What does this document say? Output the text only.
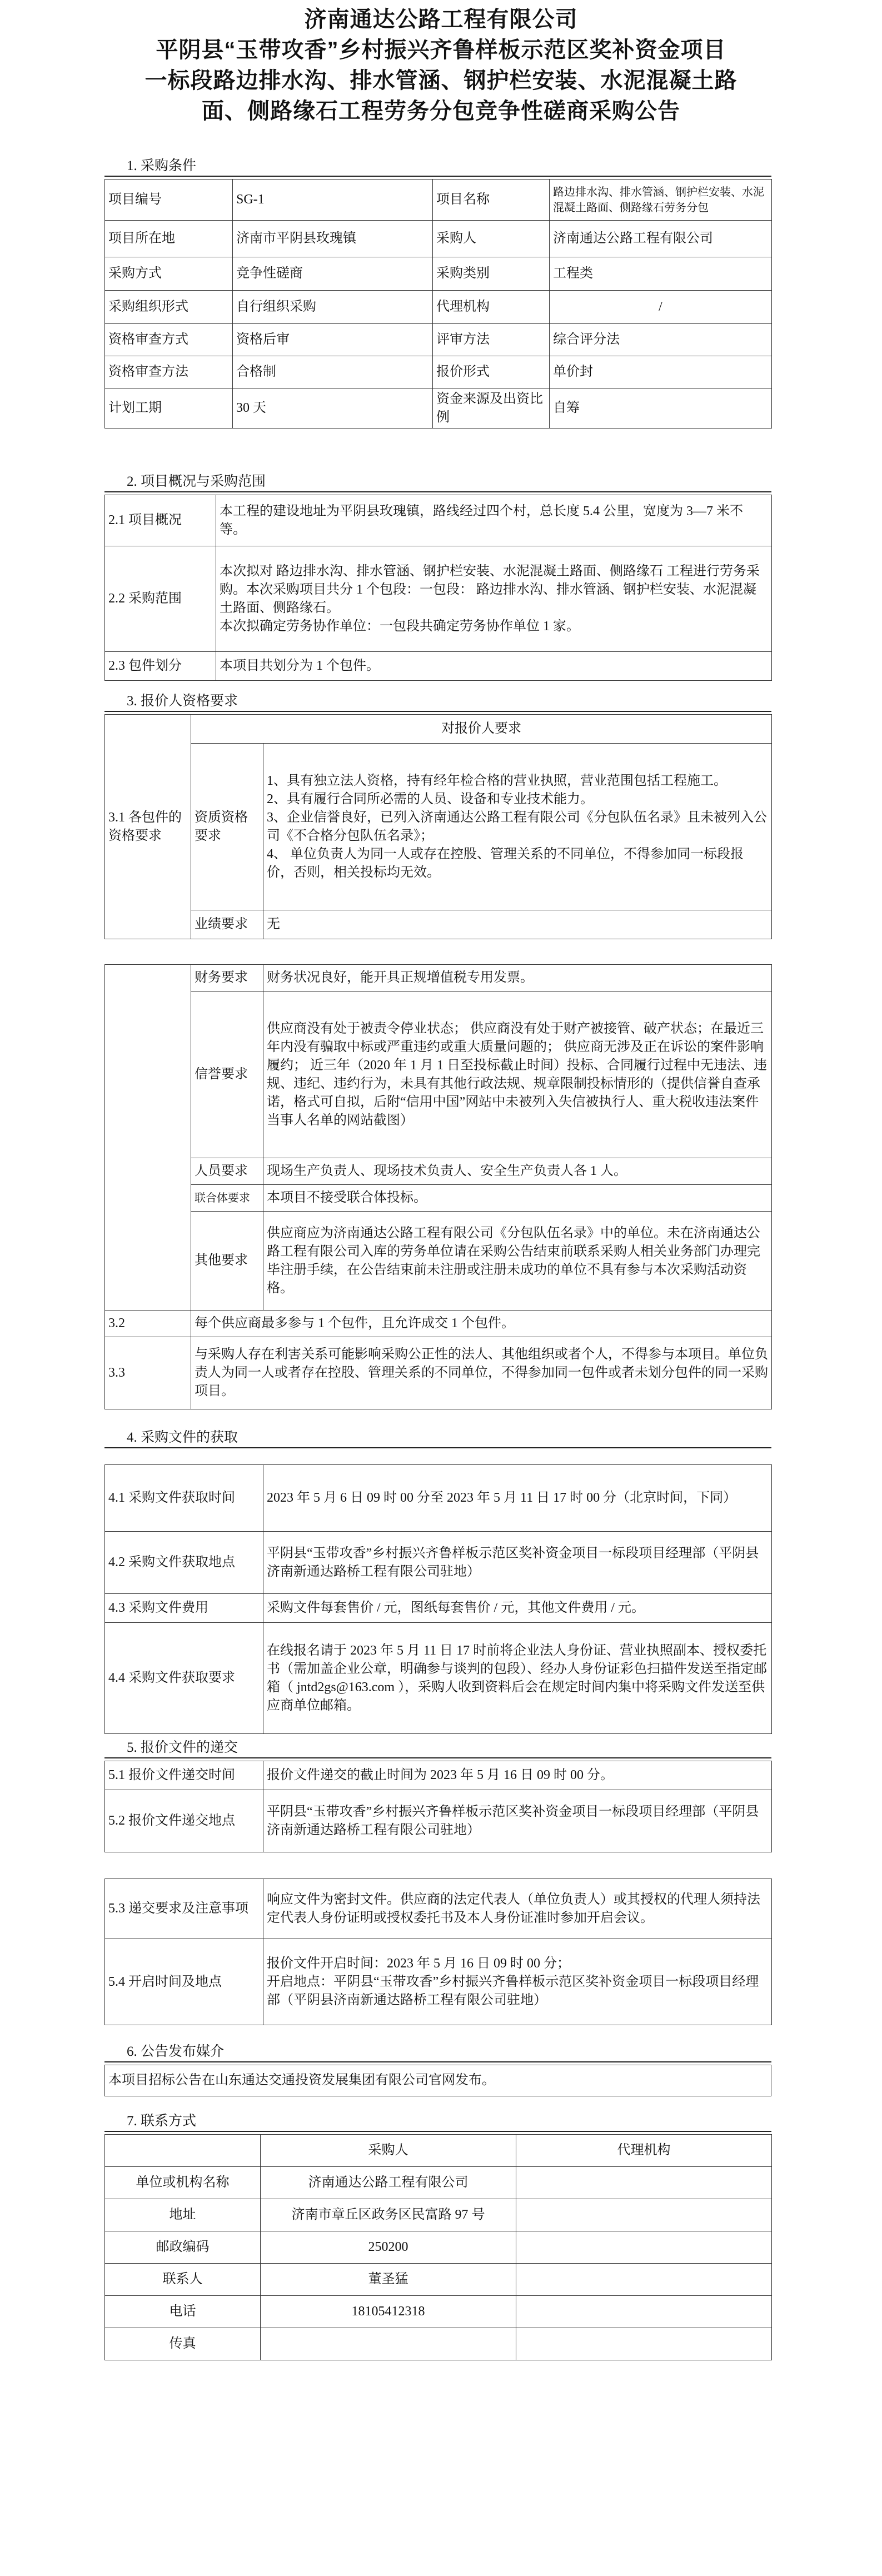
济南通达公路工程有限公司
平阴县“玉带攻香”乡村振兴齐鲁样板示范区奖补资金项目
一标段路边排水沟、排水管涵、钢护栏安装、水泥混凝土路
面、侧路缘石工程劳务分包竞争性磋商采购公告
1. 采购条件
项目编号	SG-1	项目名称	路边排水沟、排水管涵、钢护栏安装、水泥混凝土路面、侧路缘石劳务分包
项目所在地	济南市平阴县玫瑰镇	采购人	济南通达公路工程有限公司
采购方式	竞争性磋商	采购类别	工程类
采购组织形式	自行组织采购	代理机构	/
资格审查方式	资格后审	评审方法	综合评分法
资格审查方法	合格制	报价形式	单价封
计划工期	30 天	资金来源及出资比例	自筹
2. 项目概况与采购范围
2.1 项目概况	本工程的建设地址为平阴县玫瑰镇，路线经过四个村，总长度 5.4 公里，宽度为 3—7 米不等。
2.2 采购范围	本次拟对 路边排水沟、排水管涵、钢护栏安装、水泥混凝土路面、侧路缘石 工程进行劳务采购。本次采购项目共分 1 个包段：一包段： 路边排水沟、排水管涵、钢护栏安装、水泥混凝土路面、侧路缘石。
本次拟确定劳务协作单位：一包段共确定劳务协作单位 1 家。

2.3 包件划分	本项目共划分为 1 个包件。
3. 报价人资格要求
3.1 各包件的资格要求	对报价人要求	
	资质资格要求	1、具有独立法人资格，持有经年检合格的营业执照，营业范围包括工程施工。
2、具有履行合同所必需的人员、设备和专业技术能力。
3、企业信誉良好，已列入济南通达公路工程有限公司《分包队伍名录》且未被列入公司《不合格分包队伍名录》；
4、 单位负责人为同一人或存在控股、管理关系的不同单位，不得参加同一标段报价，否则，相关投标均无效。

	业绩要求	无
	财务要求	财务状况良好，能开具正规增值税专用发票。
	信誉要求	供应商没有处于被责令停业状态； 供应商没有处于财产被接管、破产状态；在最近三年内没有骗取中标或严重违约或重大质量问题的； 供应商无涉及正在诉讼的案件影响履约； 近三年（2020 年 1 月 1 日至投标截止时间）投标、合同履行过程中无违法、违规、违纪、违约行为，未具有其他行政法规、规章限制投标情形的（提供信誉自查承诺，格式可自拟，后附“信用中国”网站中未被列入失信被执行人、重大税收违法案件当事人名单的网站截图）
	人员要求	现场生产负责人、现场技术负责人、安全生产负责人各 1 人。
	联合体要求	本项目不接受联合体投标。
	其他要求	供应商应为济南通达公路工程有限公司《分包队伍名录》中的单位。未在济南通达公路工程有限公司入库的劳务单位请在采购公告结束前联系采购人相关业务部门办理完毕注册手续，在公告结束前未注册或注册未成功的单位不具有参与本次采购活动资格。
3.2	每个供应商最多参与 1 个包件，且允许成交 1 个包件。	
3.3	与采购人存在利害关系可能影响采购公正性的法人、其他组织或者个人，不得参与本项目。单位负责人为同一人或者存在控股、管理关系的不同单位，不得参加同一包件或者未划分包件的同一采购项目。	
4. 采购文件的获取
4.1 采购文件获取时间	2023 年 5 月 6 日 09 时 00 分至 2023 年 5 月 11 日 17 时 00 分（北京时间，下同）
4.2 采购文件获取地点	平阴县“玉带攻香”乡村振兴齐鲁样板示范区奖补资金项目一标段项目经理部（平阴县济南新通达路桥工程有限公司驻地）
4.3 采购文件费用	采购文件每套售价 / 元，图纸每套售价 / 元，其他文件费用 / 元。
4.4 采购文件获取要求	在线报名请于 2023 年 5 月 11 日 17 时前将企业法人身份证、营业执照副本、授权委托书（需加盖企业公章，明确参与谈判的包段）、经办人身份证彩色扫描件发送至指定邮箱（ jntd2gs@163.com ），采购人收到资料后会在规定时间内集中将采购文件发送至供应商单位邮箱。
5. 报价文件的递交
5.1 报价文件递交时间	报价文件递交的截止时间为 2023 年 5 月 16 日 09 时 00 分。
5.2 报价文件递交地点	平阴县“玉带攻香”乡村振兴齐鲁样板示范区奖补资金项目一标段项目经理部（平阴县济南新通达路桥工程有限公司驻地）
5.3 递交要求及注意事项	响应文件为密封文件。供应商的法定代表人（单位负责人）或其授权的代理人须持法定代表人身份证明或授权委托书及本人身份证准时参加开启会议。
5.4 开启时间及地点	报价文件开启时间：2023 年 5 月 16 日 09 时 00 分；
开启地点：平阴县“玉带攻香”乡村振兴齐鲁样板示范区奖补资金项目一标段项目经理部（平阴县济南新通达路桥工程有限公司驻地）
6. 公告发布媒介
本项目招标公告在山东通达交通投资发展集团有限公司官网发布。
7. 联系方式
	采购人	代理机构
单位或机构名称	济南通达公路工程有限公司	
地址	济南市章丘区政务区民富路 97 号	
邮政编码	250200	
联系人	董圣猛	
电话	18105412318	
传真		
